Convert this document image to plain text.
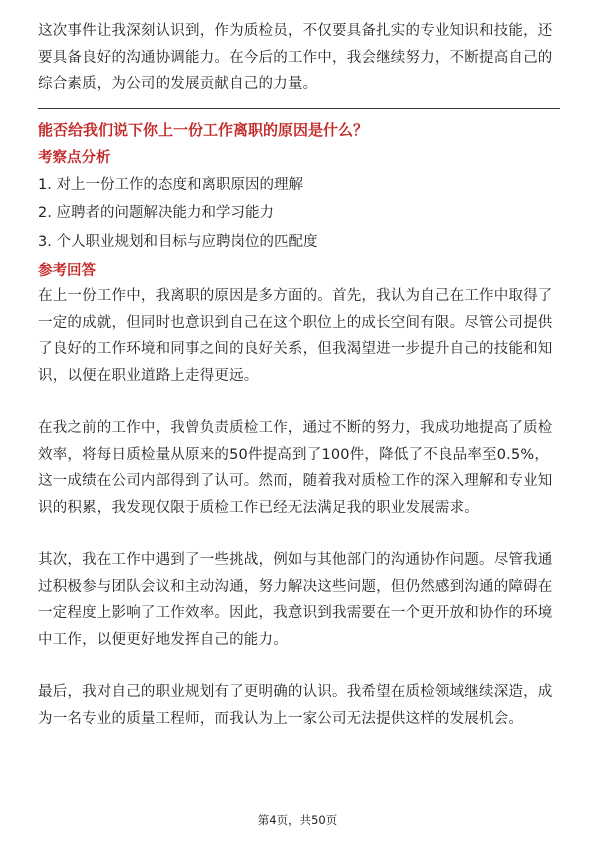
这次事件让我深刻认识到，作为质检员，不仅要具备扎实的专业知识和技能，还要具备良好的沟通协调能力。在今后的工作中，我会继续努力，不断提高自己的综合素质，为公司的发展贡献自己的力量。

能否给我们说下你上一份工作离职的原因是什么？

考察点分析

1. 对上一份工作的态度和离职原因的理解

2. 应聘者的问题解决能力和学习能力

3. 个人职业规划和目标与应聘岗位的匹配度

参考回答

在上一份工作中，我离职的原因是多方面的。首先，我认为自己在工作中取得了一定的成就，但同时也意识到自己在这个职位上的成长空间有限。尽管公司提供了良好的工作环境和同事之间的良好关系，但我渴望进一步提升自己的技能和知识，以便在职业道路上走得更远。

在我之前的工作中，我曾负责质检工作，通过不断的努力，我成功地提高了质检效率，将每日质检量从原来的50件提高到了100件，降低了不良品率至0.5%，这一成绩在公司内部得到了认可。然而，随着我对质检工作的深入理解和专业知识的积累，我发现仅限于质检工作已经无法满足我的职业发展需求。

其次，我在工作中遇到了一些挑战，例如与其他部门的沟通协作问题。尽管我通过积极参与团队会议和主动沟通，努力解决这些问题，但仍然感到沟通的障碍在一定程度上影响了工作效率。因此，我意识到我需要在一个更开放和协作的环境中工作，以便更好地发挥自己的能力。

最后，我对自己的职业规划有了更明确的认识。我希望在质检领域继续深造，成为一名专业的质量工程师，而我认为上一家公司无法提供这样的发展机会。

第4页，共50页
